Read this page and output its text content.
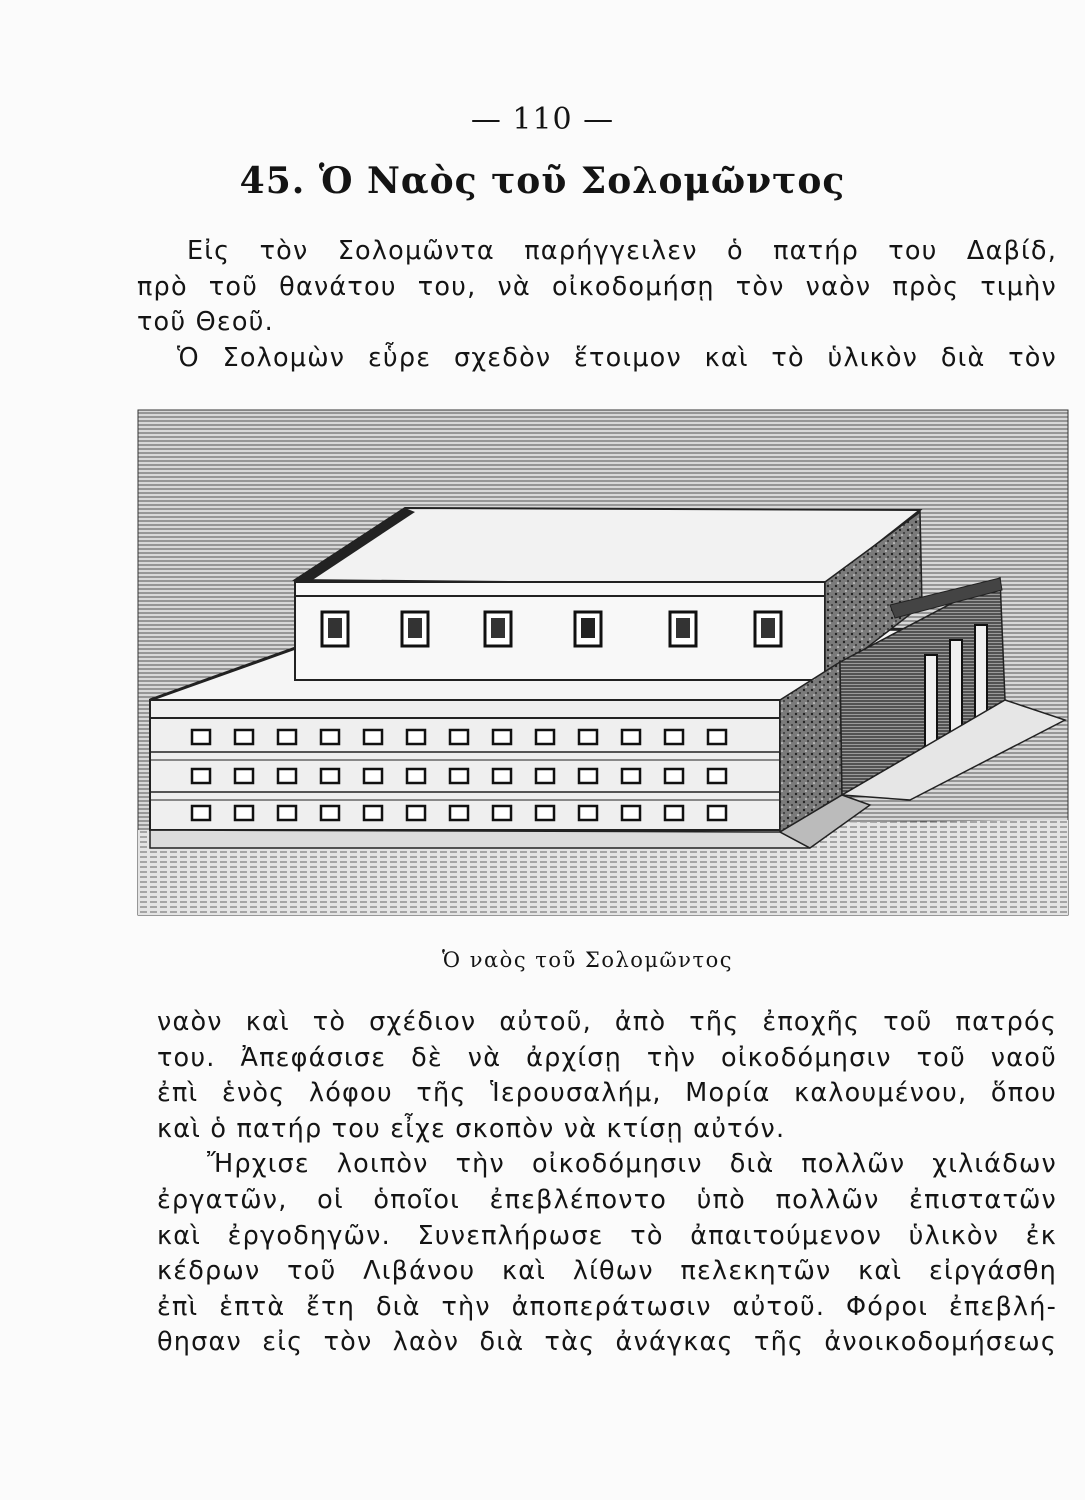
— 110 —
45. Ὁ Ναὸς τοῦ Σολομῶντος

Εἰς τὸν Σολομῶντα παρήγγειλεν ὁ πατήρ του Δαβίδ,
πρὸ τοῦ θανάτου του, νὰ οἰκοδομήσῃ τὸν ναὸν πρὸς τιμὴν
τοῦ Θεοῦ.

Ὁ Σολομὼν εὗρε σχεδὸν ἕτοιμον καὶ τὸ ὑλικὸν διὰ τὸν

Ὁ ναὸς τοῦ Σολομῶντος

ναὸν καὶ τὸ σχέδιον αὐτοῦ, ἀπὸ τῆς ἐποχῆς τοῦ πατρός
του. Ἀπεφάσισε δὲ νὰ ἀρχίσῃ τὴν οἰκοδόμησιν τοῦ ναοῦ
ἐπὶ ἑνὸς λόφου τῆς Ἱερουσαλήμ, Μορία καλουμένου, ὅπου
καὶ ὁ πατήρ του εἶχε σκοπὸν νὰ κτίσῃ αὐτόν.

Ἤρχισε λοιπὸν τὴν οἰκοδόμησιν διὰ πολλῶν χιλιάδων
ἐργατῶν, οἱ ὁποῖοι ἐπεβλέποντο ὑπὸ πολλῶν ἐπιστατῶν
καὶ ἐργοδηγῶν. Συνεπλήρωσε τὸ ἀπαιτούμενον ὑλικὸν ἐκ
κέδρων τοῦ Λιβάνου καὶ λίθων πελεκητῶν καὶ εἰργάσθη
ἐπὶ ἑπτὰ ἔτη διὰ τὴν ἀποπεράτωσιν αὐτοῦ. Φόροι ἐπεβλή-
θησαν εἰς τὸν λαὸν διὰ τὰς ἀνάγκας τῆς ἀνοικοδομήσεως
